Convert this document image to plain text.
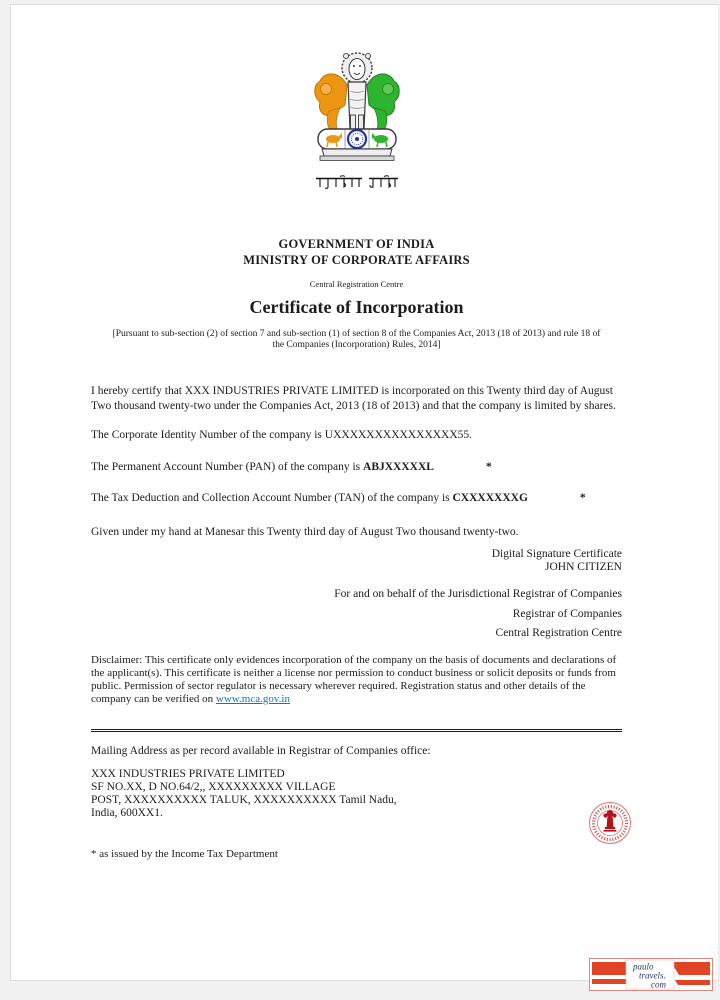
GOVERNMENT OF INDIA
MINISTRY OF CORPORATE AFFAIRS
Central Registration Centre
Certificate of Incorporation
[Pursuant to sub-section (2) of section 7 and sub-section (1) of section 8 of the Companies Act, 2013 (18 of 2013) and rule 18 of the Companies (Incorporation) Rules, 2014]

I hereby certify that XXX INDUSTRIES PRIVATE LIMITED is incorporated on this Twenty third day of August Two thousand twenty-two under the Companies Act, 2013 (18 of 2013) and that the company is limited by shares.

The Corporate Identity Number of the company is UXXXXXXXXXXXXXXX55.

The Permanent Account Number (PAN) of the company is ABJXXXXXL	*

The Tax Deduction and Collection Account Number (TAN) of the company is CXXXXXXXG	*

Given under my hand at Manesar this Twenty third day of August Two thousand twenty-two.

Digital Signature Certificate
JOHN CITIZEN
For and on behalf of the Jurisdictional Registrar of Companies
Registrar of Companies
Central Registration Centre

Disclaimer: This certificate only evidences incorporation of the company on the basis of documents and declarations of the applicant(s). This certificate is neither a license nor permission to conduct business or solicit deposits or funds from public. Permission of sector regulator is necessary wherever required. Registration status and other details of the company can be verified on www.mca.gov.in

Mailing Address as per record available in Registrar of Companies office:

XXX INDUSTRIES PRIVATE LIMITED
SF NO.XX, D NO.64/2,, XXXXXXXXX VILLAGE
POST, XXXXXXXXXX TALUK, XXXXXXXXXX Tamil Nadu,
India, 600XX1.

* as issued by the Income Tax Department

paulo
travels.
com
